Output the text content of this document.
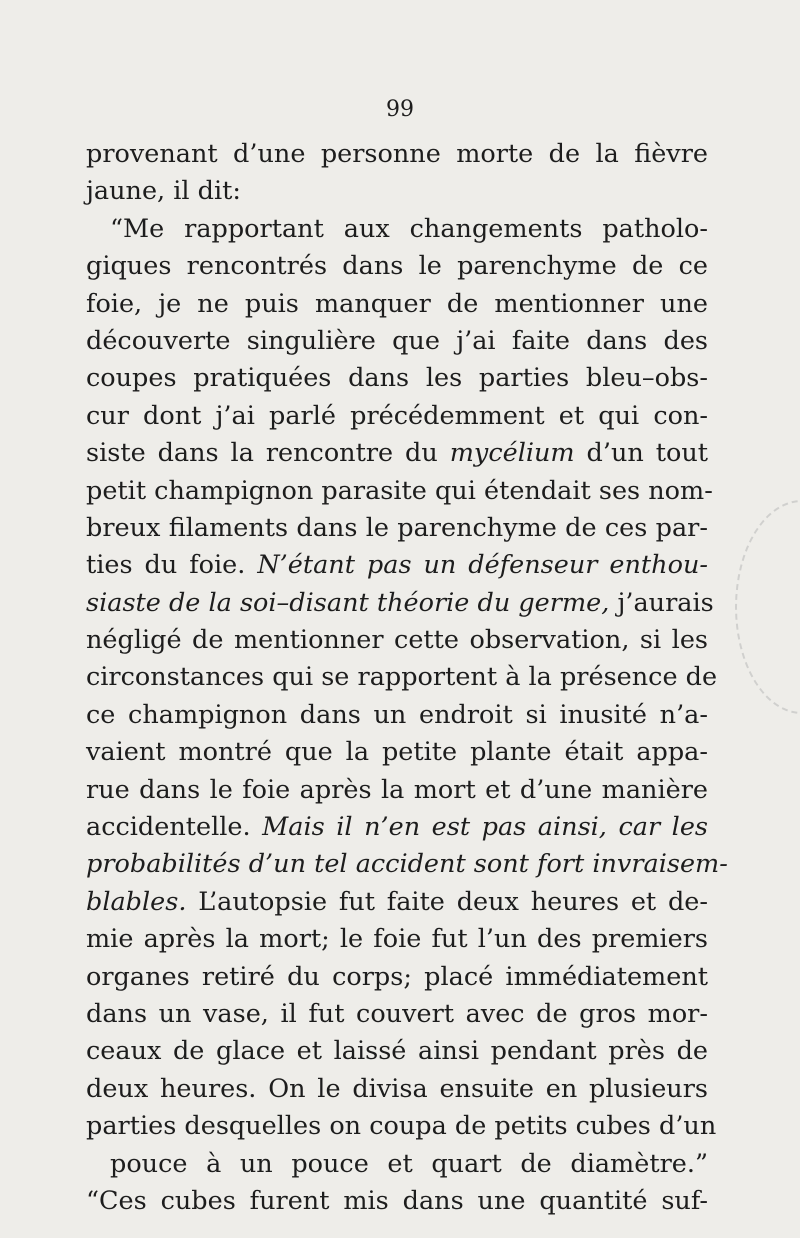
99
provenant d’une personne morte de la fièvre
jaune, il dit:
“Me rapportant aux changements patholo-
giques rencontrés dans le parenchyme de ce
foie, je ne puis manquer de mentionner une
découverte singulière que j’ai faite dans des
coupes pratiquées dans les parties bleu–obs-
cur dont j’ai parlé précédemment et qui con-
siste dans la rencontre du mycélium d’un tout
petit champignon parasite qui étendait ses nom-
breux filaments dans le parenchyme de ces par-
ties du foie. N’étant pas un défenseur enthou-
siaste de la soi–disant théorie du germe, j’aurais
négligé de mentionner cette observation, si les
circonstances qui se rapportent à la présence de
ce champignon dans un endroit si inusité n’a-
vaient montré que la petite plante était appa-
rue dans le foie après la mort et d’une manière
accidentelle. Mais il n’en est pas ainsi, car les
probabilités d’un tel accident sont fort invraisem-
blables. L’autopsie fut faite deux heures et de-
mie après la mort; le foie fut l’un des premiers
organes retiré du corps; placé immédiatement
dans un vase, il fut couvert avec de gros mor-
ceaux de glace et laissé ainsi pendant près de
deux heures. On le divisa ensuite en plusieurs
parties desquelles on coupa de petits cubes d’un
pouce à un pouce et quart de diamètre.”
“Ces cubes furent mis dans une quantité suf-
